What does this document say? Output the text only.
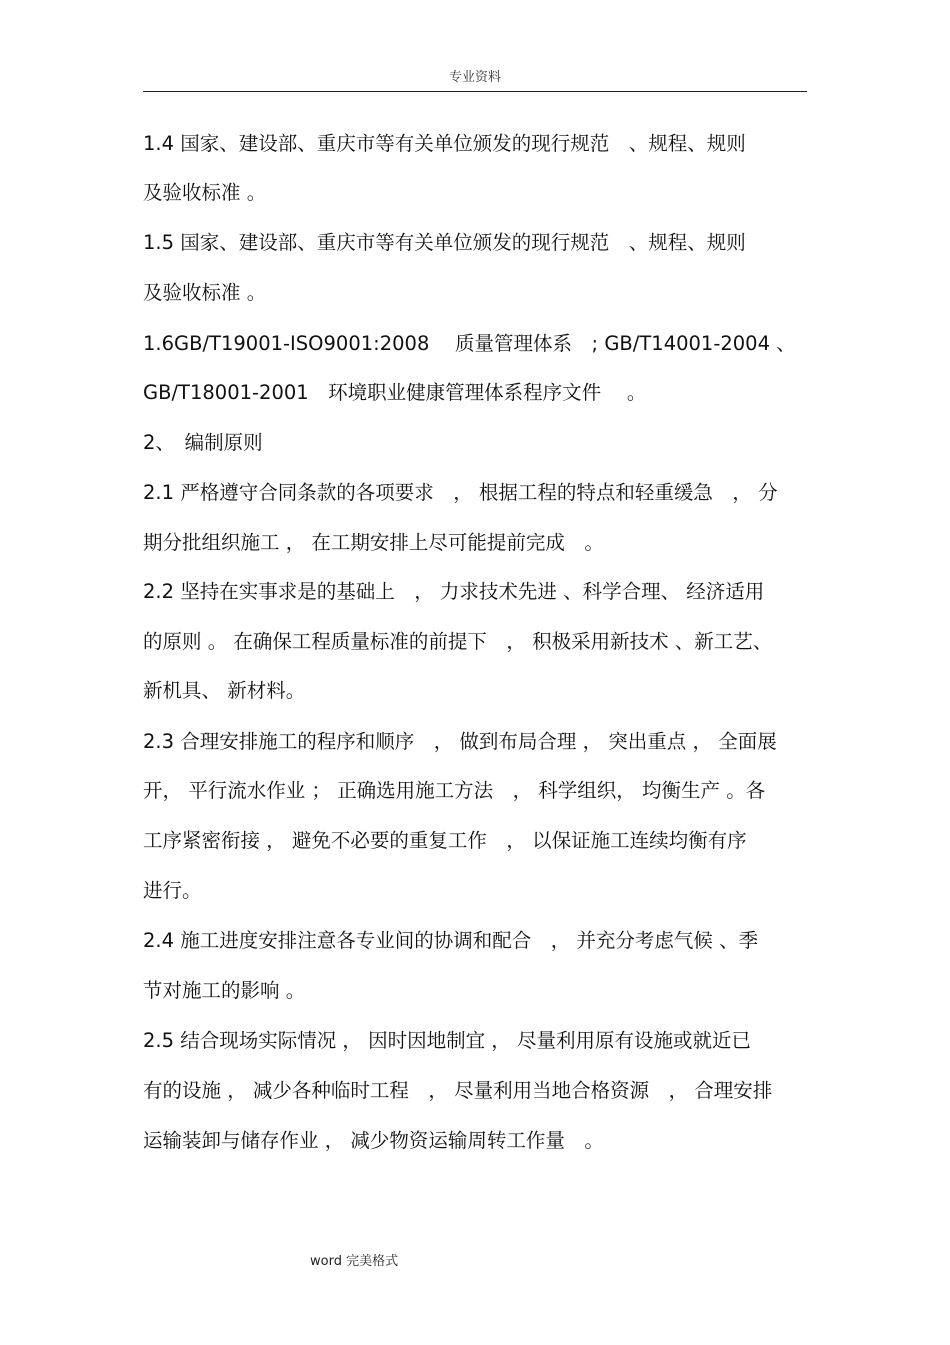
专业资料
1.4 国家、建设部、重庆市等有关单位颁发的现行规范　、规程、规则
及验收标准 。
1.5 国家、建设部、重庆市等有关单位颁发的现行规范　、规程、规则
及验收标准 。
1.6GB/T19001-ISO9001:2008　 质量管理体系　; GB/T14001-2004 、
GB/T18001-2001　环境职业健康管理体系程序文件　 。
2、　编制原则
2.1 严格遵守合同条款的各项要求　， 根据工程的特点和轻重缓急　， 分
期分批组织施工 ， 在工期安排上尽可能提前完成　。
2.2 坚持在实事求是的基础上　， 力求技术先进 、科学合理、 经济适用
的原则 。 在确保工程质量标准的前提下　， 积极采用新技术 、新工艺、
新机具、 新材料。
2.3 合理安排施工的程序和顺序　， 做到布局合理 ， 突出重点 ， 全面展
开， 平行流水作业 ； 正确选用施工方法　， 科学组织， 均衡生产 。各
工序紧密衔接 ， 避免不必要的重复工作　， 以保证施工连续均衡有序
进行。
2.4 施工进度安排注意各专业间的协调和配合　， 并充分考虑气候 、季
节对施工的影响 。
2.5 结合现场实际情况 ， 因时因地制宜 ， 尽量利用原有设施或就近已
有的设施 ， 减少各种临时工程　， 尽量利用当地合格资源　， 合理安排
运输装卸与储存作业 ， 减少物资运输周转工作量　。
word 完美格式
